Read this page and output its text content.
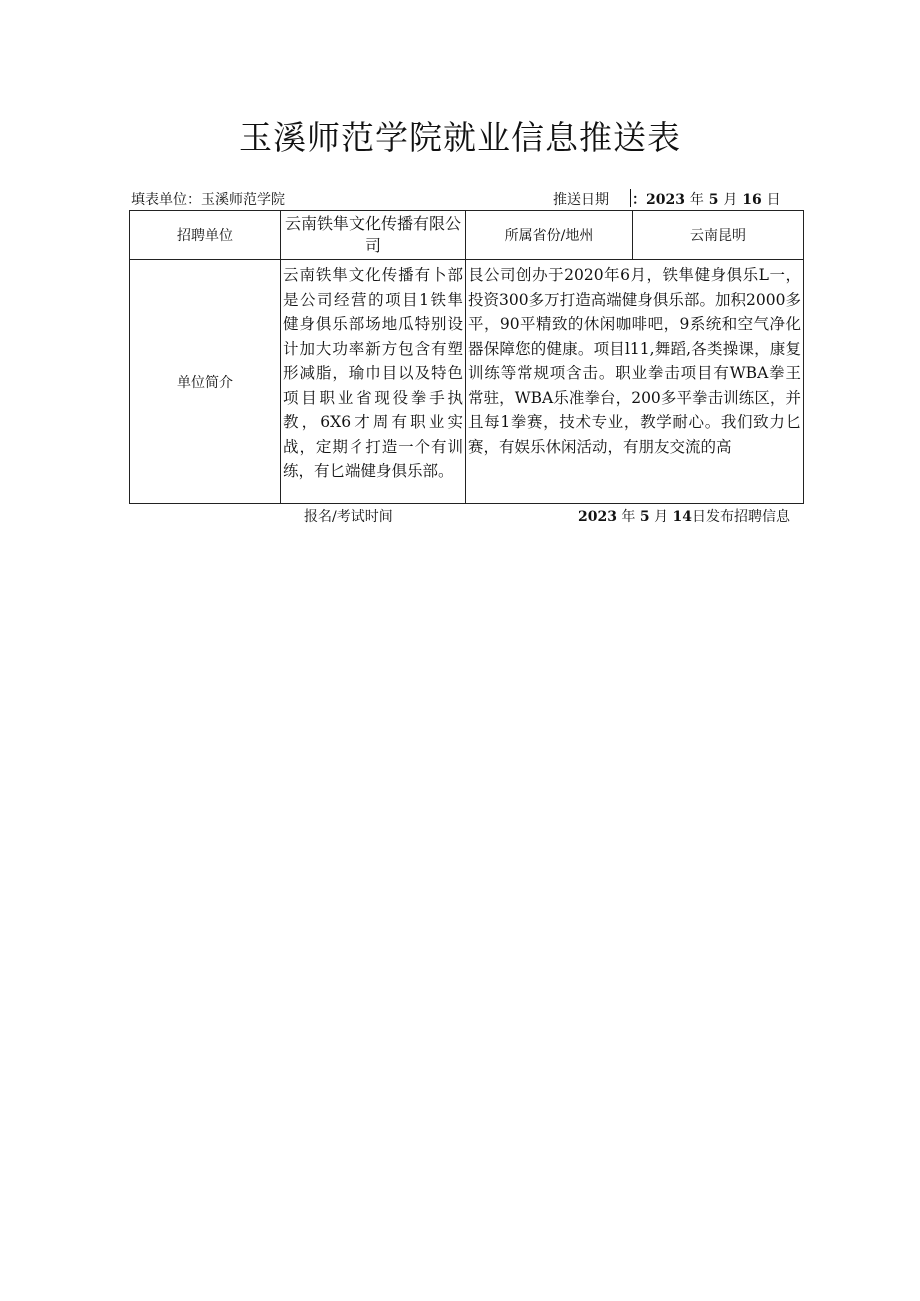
玉溪师范学院就业信息推送表
填表单位：玉溪师范学院	推送日期 ：2023 年 5 月 16 日
招聘单位	云南铁隼文化传播有限公司	所属省份/地州	云南昆明
单位简介	云南铁隼文化传播有卜部是公司经营的项目1铁隼健身俱乐部场地瓜特别设计加大功率新方包含有塑形减脂，瑜巾目以及特色项目职业省现役拳手执教，6X6才周有职业实战，定期彳打造一个有训练，有匕端健身俱乐部。	艮公司创办于2020年6月，铁隼健身俱乐L一，投资300多万打造高端健身俱乐部。加积2000多平，90平精致的休闲咖啡吧，9系统和空气净化器保障您的健康。项目l11,舞蹈,各类操课，康复训练等常规项含击。职业拳击项目有WBA拳王常驻，WBA乐准拳台，200多平拳击训练区，并且每1拳赛，技术专业，教学耐心。我们致力匕赛，有娱乐休闲活动，有朋友交流的高	
报名/考试时间	2023 年 5 月 14日发布招聘信息
